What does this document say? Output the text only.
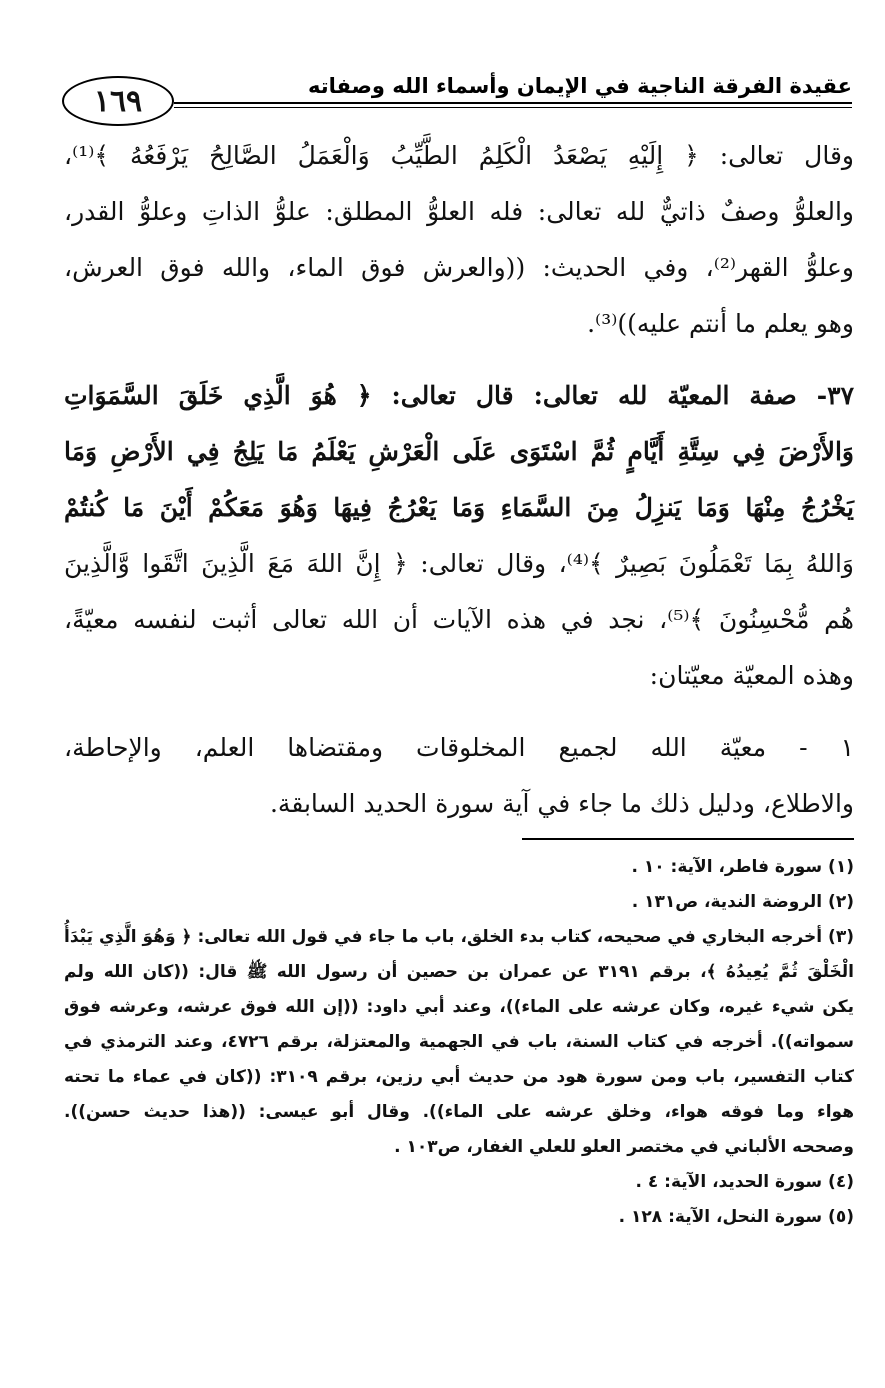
عقيدة الفرقة الناجية في الإيمان وأسماء الله وصفاته
١٦٩
وقال تعالى: ﴿ إِلَيْهِ يَصْعَدُ الْكَلِمُ الطَّيِّبُ وَالْعَمَلُ الصَّالِحُ يَرْفَعُهُ ﴾⁽¹⁾،
والعلوُّ وصفٌ ذاتيٌّ لله تعالى: فله العلوُّ المطلق: علوُّ الذاتِ وعلوُّ القدر،
وعلوُّ القهر⁽²⁾، وفي الحديث: ((والعرش فوق الماء، والله فوق العرش،
وهو يعلم ما أنتم عليه))⁽³⁾.
٣٧- صفة المعيّة لله تعالى: قال تعالى: ﴿ هُوَ الَّذِي خَلَقَ السَّمَوَاتِ
وَالأَرْضَ فِي سِتَّةِ أَيَّامٍ ثُمَّ اسْتَوَى عَلَى الْعَرْشِ يَعْلَمُ مَا يَلِجُ فِي الأَرْضِ وَمَا
يَخْرُجُ مِنْهَا وَمَا يَنزِلُ مِنَ السَّمَاءِ وَمَا يَعْرُجُ فِيهَا وَهُوَ مَعَكُمْ أَيْنَ مَا كُنتُمْ
وَاللهُ بِمَا تَعْمَلُونَ بَصِيرٌ ﴾⁽⁴⁾، وقال تعالى: ﴿ إِنَّ اللهَ مَعَ الَّذِينَ اتَّقَوا وَّالَّذِينَ
هُم مُّحْسِنُونَ ﴾⁽⁵⁾، نجد في هذه الآيات أن الله تعالى أثبت لنفسه معيّةً،
وهذه المعيّة معيّتان:
١ - معيّة الله لجميع المخلوقات ومقتضاها العلم، والإحاطة،
والاطلاع، ودليل ذلك ما جاء في آية سورة الحديد السابقة.
(١) سورة فاطر، الآية: ١٠ .
(٢) الروضة الندية، ص١٣١ .
(٣) أخرجه البخاري في صحيحه، كتاب بدء الخلق، باب ما جاء في قول الله تعالى: ﴿ وَهُوَ الَّذِي يَبْدَأُ
الْخَلْقَ ثُمَّ يُعِيدُهُ ﴾، برقم ٣١٩١ عن عمران بن حصين أن رسول الله ﷺ قال: ((كان الله ولم
يكن شيء غيره، وكان عرشه على الماء))، وعند أبي داود: ((إن الله فوق عرشه، وعرشه فوق
سمواته)). أخرجه في كتاب السنة، باب في الجهمية والمعتزلة، برقم ٤٧٢٦، وعند الترمذي في
كتاب التفسير، باب ومن سورة هود من حديث أبي رزين، برقم ٣١٠٩: ((كان في عماء ما تحته
هواء وما فوقه هواء، وخلق عرشه على الماء)). وقال أبو عيسى: ((هذا حديث حسن)).
وصححه الألباني في مختصر العلو للعلي الغفار، ص١٠٣ .
(٤) سورة الحديد، الآية: ٤ .
(٥) سورة النحل، الآية: ١٢٨ .
